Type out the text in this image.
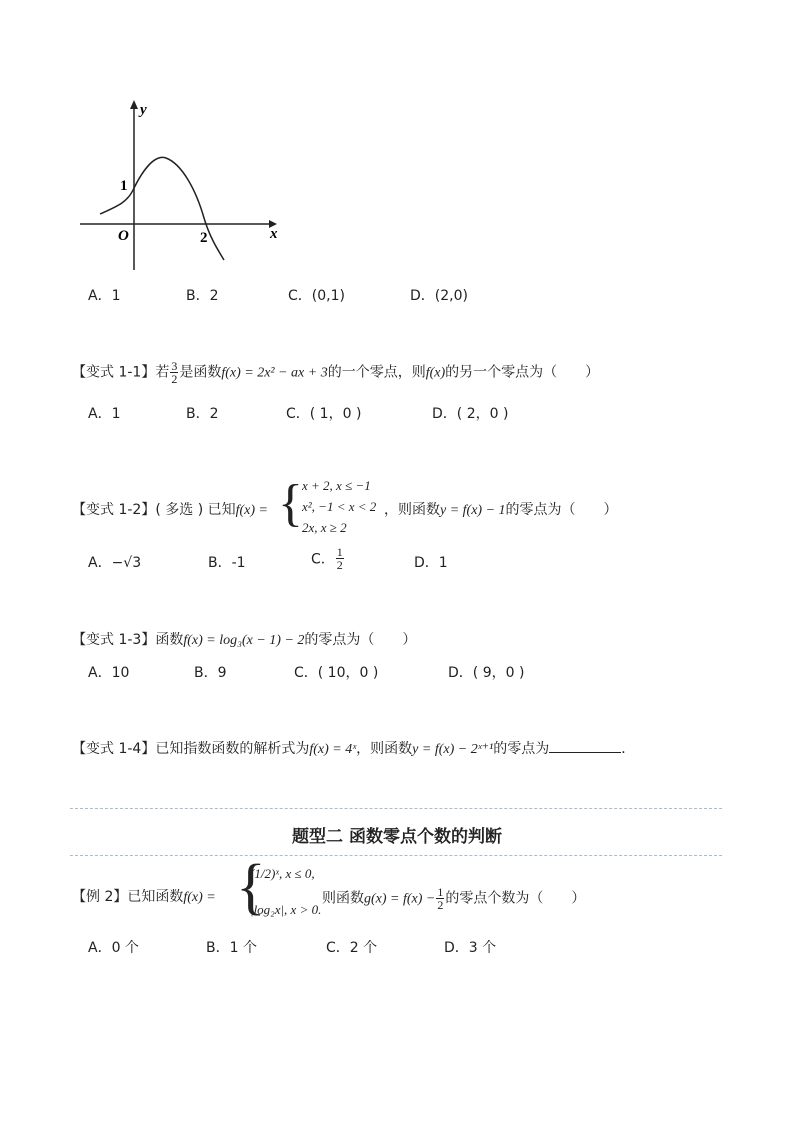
y
x
O
1
2
A．1	B．2	C．(0,1)	D．(2,0)
【变式 1-1】若 $\frac{3}{2}$ 是函数f(x) = 2x² − ax + 3的一个零点，则f(x)的另一个零点为（　　）
A．1	B．2	C．( 1，0 )	D．( 2，0 )
【变式 1-2】( 多选 ) 已知f(x) = { x + 2, x ≤ −1
x², −1 < x < 2
2x, x ≥ 2
，则函数y = f(x) − 1的零点为（　　）
A．−√3	B．-1	C． $\frac{1}{2}$	D．1
【变式 1-3】函数f(x) = log₃(x − 1) − 2的零点为（　　）
A．10	B．9	C．( 10，0 )	D．( 9，0 )
【变式 1-4】已知指数函数的解析式为f(x) = 4ˣ，则函数y = f(x) − 2ˣ⁺¹的零点为	．
题型二 函数零点个数的判断
【例 2】已知函数f(x) = {
(1/2)ˣ, x ≤ 0,
|log₂x|, x > 0.
则函数$g(x) = f(x) - \frac{1}{2}$ 的零点个数为（　　）
A．0 个	B．1 个	C．2 个	D．3 个
